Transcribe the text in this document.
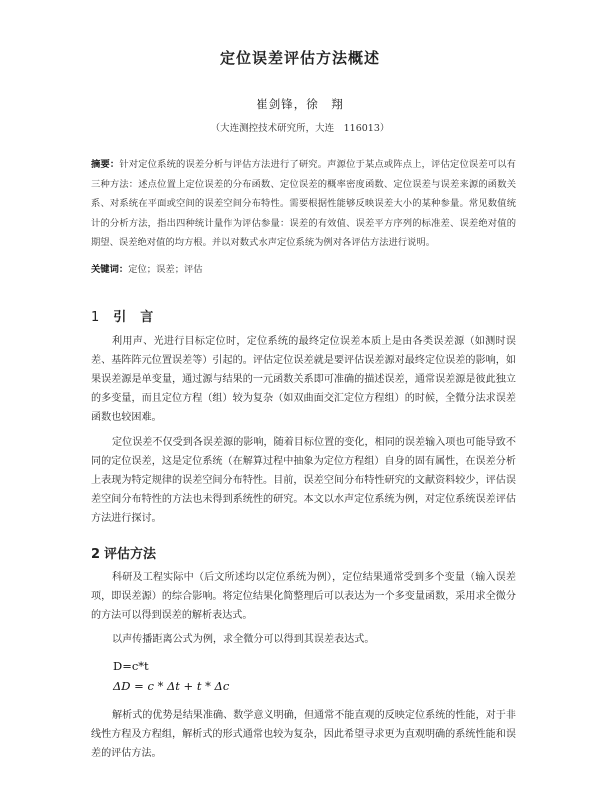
定位误差评估方法概述
崔剑锋，徐　翔
（大连测控技术研究所，大连　116013）

摘要：针对定位系统的误差分析与评估方法进行了研究。声源位于某点或阵点上，评估定位误差可以有三种方法：述点位置上定位误差的分布函数、定位误差的概率密度函数、定位误差与误差来源的函数关系、对系统在平面或空间的误差空间分布特性。需要根据性能够反映误差大小的某种参量。常见数值统计的分析方法，指出四种统计量作为评估参量：误差的有效值、误差平方序列的标准差、误差绝对值的期望、误差绝对值的均方根。并以对数式水声定位系统为例对各评估方法进行说明。

关键词：定位；误差；评估
1 引言

利用声、光进行目标定位时，定位系统的最终定位误差本质上是由各类误差源（如测时误差、基阵阵元位置误差等）引起的。评估定位误差就是要评估误差源对最终定位误差的影响，如果误差源是单变量，通过源与结果的一元函数关系即可准确的描述误差，通常误差源是彼此独立的多变量，而且定位方程（组）较为复杂（如双曲面交汇定位方程组）的时候，全微分法求误差函数也较困难。

定位误差不仅受到各误差源的影响，随着目标位置的变化，相同的误差输入项也可能导致不同的定位误差，这是定位系统（在解算过程中抽象为定位方程组）自身的固有属性，在误差分析上表现为特定规律的误差空间分布特性。目前，误差空间分布特性研究的文献资料较少，评估误差空间分布特性的方法也未得到系统性的研究。本文以水声定位系统为例，对定位系统误差评估方法进行探讨。

2 评估方法

科研及工程实际中（后文所述均以定位系统为例），定位结果通常受到多个变量（输入误差项，即误差源）的综合影响。将定位结果化简整理后可以表达为一个多变量函数，采用求全微分的方法可以得到误差的解析表达式。

以声传播距离公式为例，求全微分可以得到其误差表达式。

D=c*t
ΔD = c * Δt + t * Δc

解析式的优势是结果准确、数学意义明确，但通常不能直观的反映定位系统的性能，对于非线性方程及方程组，解析式的形式通常也较为复杂，因此希望寻求更为直观明确的系统性能和误差的评估方法。
